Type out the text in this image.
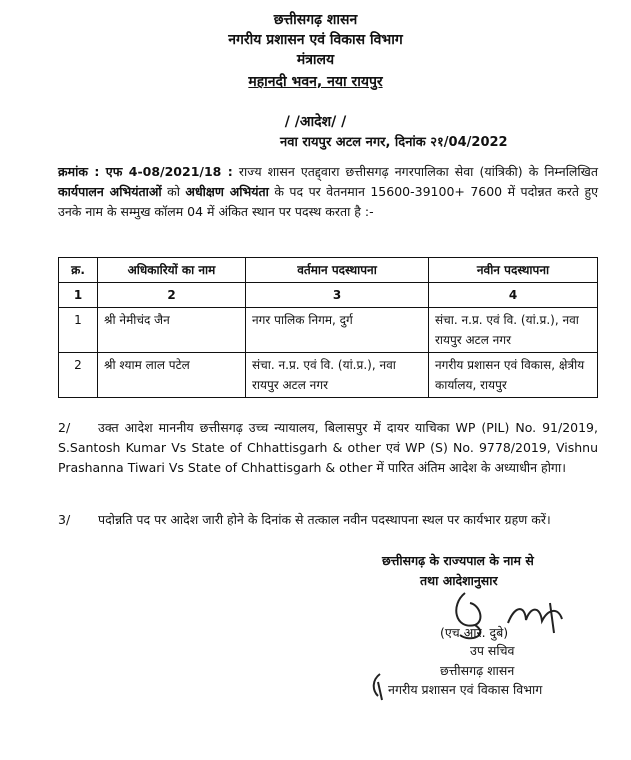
छत्तीसगढ़ शासन
नगरीय प्रशासन एवं विकास विभाग
मंत्रालय
महानदी भवन, नया रायपुर
/ /आदेश/ /
नवा रायपुर अटल नगर, दिनांक २१/04/2022
क्रमांक : एफ 4-08/2021/18 : राज्य शासन एतद्द्वारा छत्तीसगढ़ नगरपालिका सेवा (यांत्रिकी) के निम्नलिखित कार्यपालन अभियंताओं को अधीक्षण अभियंता के पद पर वेतनमान 15600-39100+ 7600 में पदोन्नत करते हुए उनके नाम के सम्मुख कॉलम 04 में अंकित स्थान पर पदस्थ करता है :-
क्र.	अधिकारियों का नाम	वर्तमान पदस्थापना	नवीन पदस्थापना
1	2	3	4
1	श्री नेमीचंद जैन	नगर पालिक निगम, दुर्ग	संचा. न.प्र. एवं वि. (यां.प्र.), नवा रायपुर अटल नगर
2	श्री श्याम लाल पटेल	संचा. न.प्र. एवं वि. (यां.प्र.), नवा रायपुर अटल नगर	नगरीय प्रशासन एवं विकास, क्षेत्रीय कार्यालय, रायपुर
2/ उक्त आदेश माननीय छत्तीसगढ़ उच्च न्यायालय, बिलासपुर में दायर याचिका WP (PIL) No. 91/2019, S.Santosh Kumar Vs State of Chhattisgarh & other एवं WP (S) No. 9778/2019, Vishnu Prashanna Tiwari Vs State of Chhattisgarh & other में पारित अंतिम आदेश के अध्याधीन होगा।
3/ पदोन्नति पद पर आदेश जारी होने के दिनांक से तत्काल नवीन पदस्थापना स्थल पर कार्यभार ग्रहण करें।
छत्तीसगढ़ के राज्यपाल के नाम से
तथा आदेशानुसार
(एच.आर. दुबे)
उप सचिव
छत्तीसगढ़ शासन
नगरीय प्रशासन एवं विकास विभाग
